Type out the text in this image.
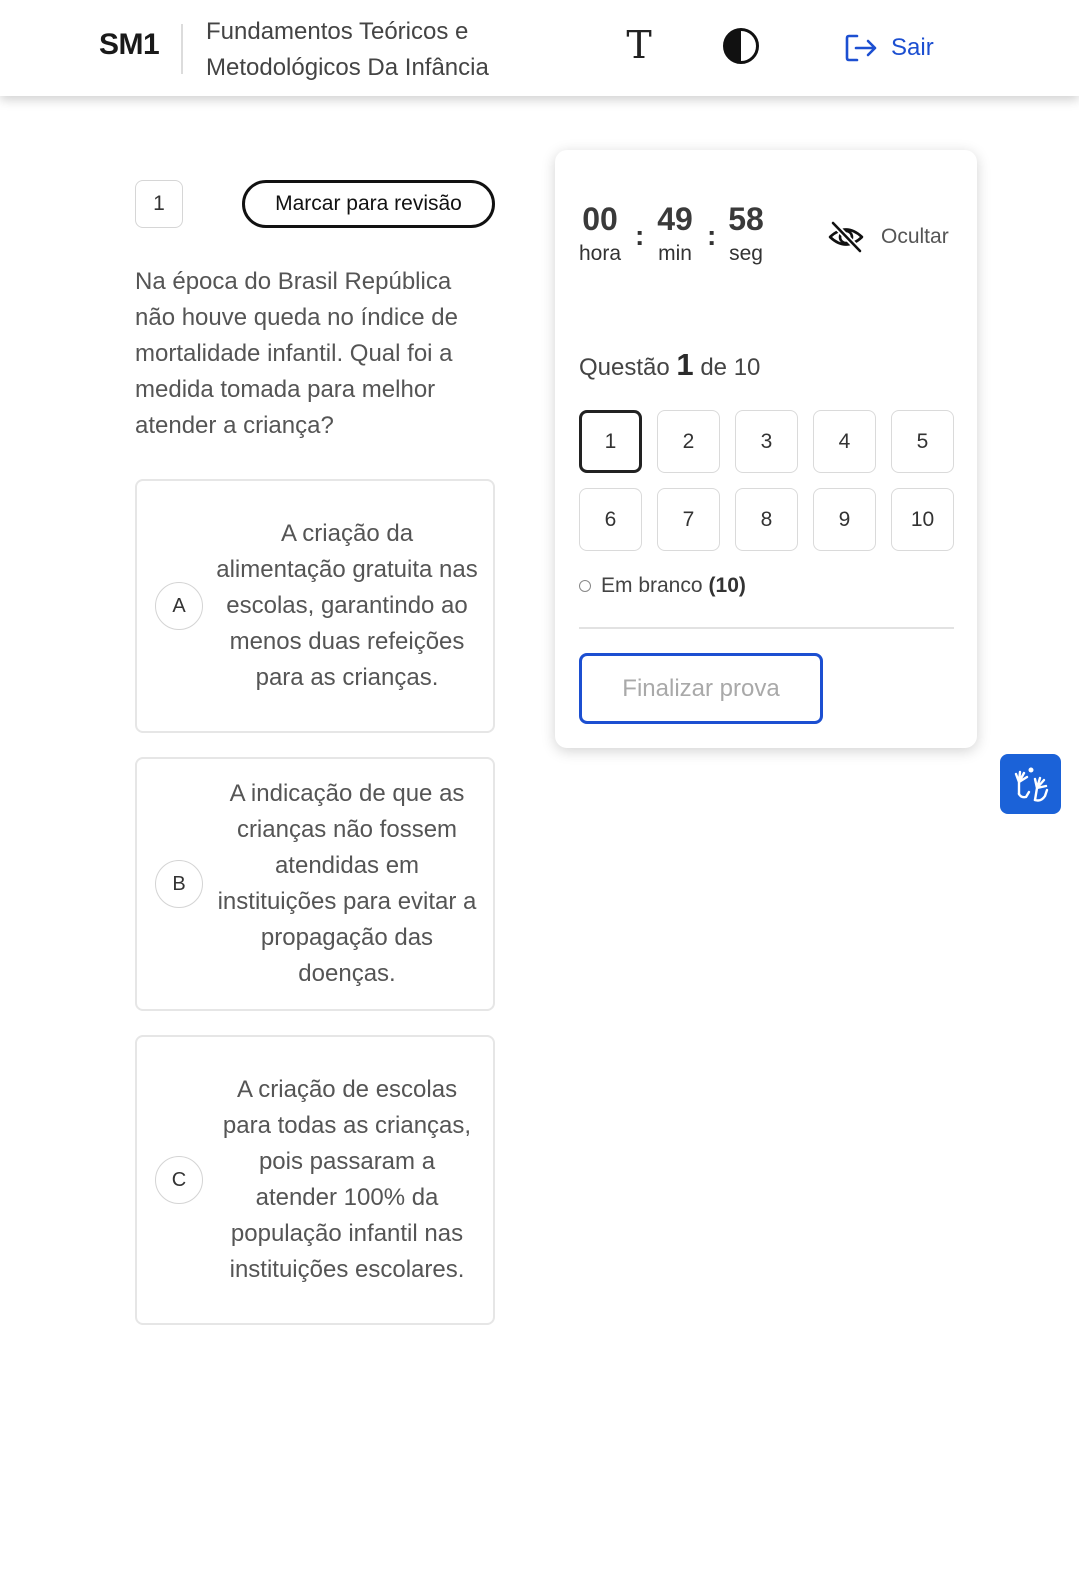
SM1 Fundamentos Teóricos e Metodológicos Da Infância
T	Sair
1	Marcar para revisão
Na época do Brasil República não houve queda no índice de mortalidade infantil. Qual foi a medida tomada para melhor atender a criança?
A
A criação da alimentação gratuita nas escolas, garantindo ao menos duas refeições para as crianças.
B
A indicação de que as crianças não fossem atendidas em instituições para evitar a propagação das doenças.
C
A criação de escolas para todas as crianças, pois passaram a atender 100% da população infantil nas instituições escolares.
00
hora
: 49
min
: 58
seg
Ocultar
Questão 1 de 10
1	2	3	4	5
6	7	8	9	10
Em branco (10)
Finalizar prova
